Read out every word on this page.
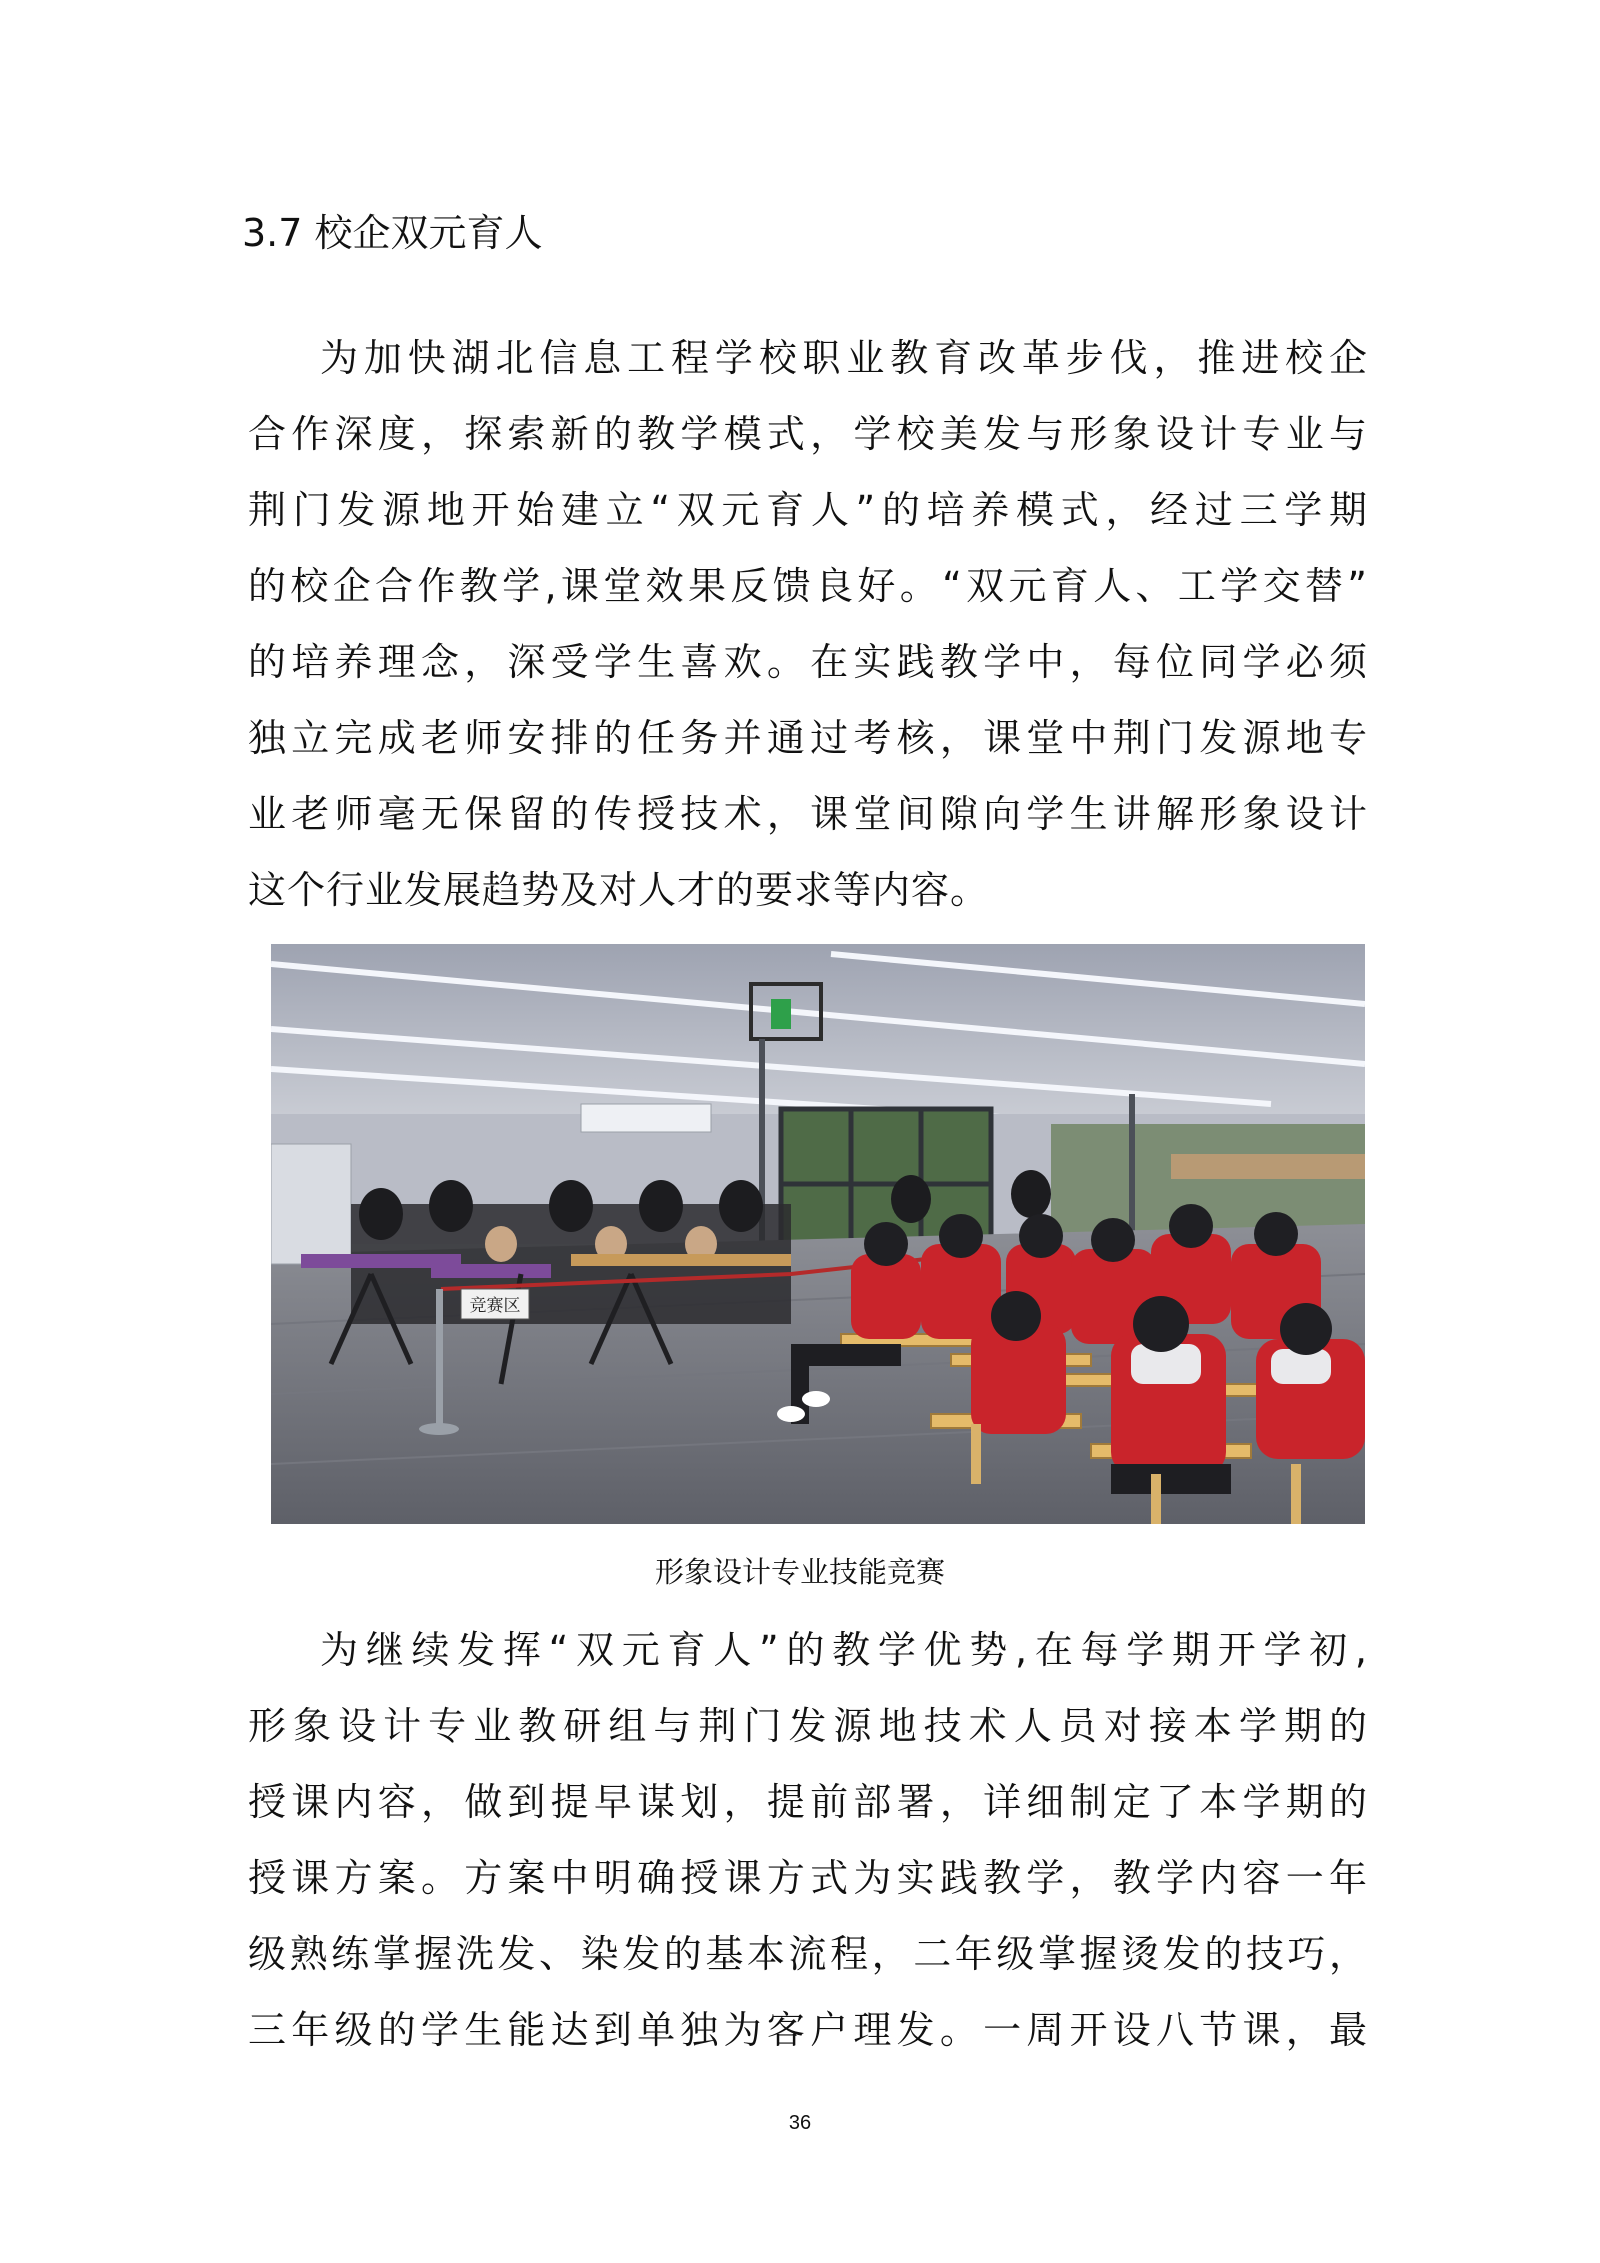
3.7 校企双元育人
为加快湖北信息工程学校职业教育改革步伐，推进校企
合作深度，探索新的教学模式，学校美发与形象设计专业与
荆门发源地开始建立“双元育人”的培养模式，经过三学期
的校企合作教学,课堂效果反馈良好。“双元育人、工学交替”
的培养理念，深受学生喜欢。在实践教学中，每位同学必须
独立完成老师安排的任务并通过考核，课堂中荆门发源地专
业老师毫无保留的传授技术，课堂间隙向学生讲解形象设计
这个行业发展趋势及对人才的要求等内容。
竞赛区
形象设计专业技能竞赛
为继续发挥“双元育人”的教学优势,在每学期开学初,
形象设计专业教研组与荆门发源地技术人员对接本学期的
授课内容，做到提早谋划，提前部署，详细制定了本学期的
授课方案。方案中明确授课方式为实践教学，教学内容一年
级熟练掌握洗发、染发的基本流程，二年级掌握烫发的技巧，
三年级的学生能达到单独为客户理发。一周开设八节课，最
36
